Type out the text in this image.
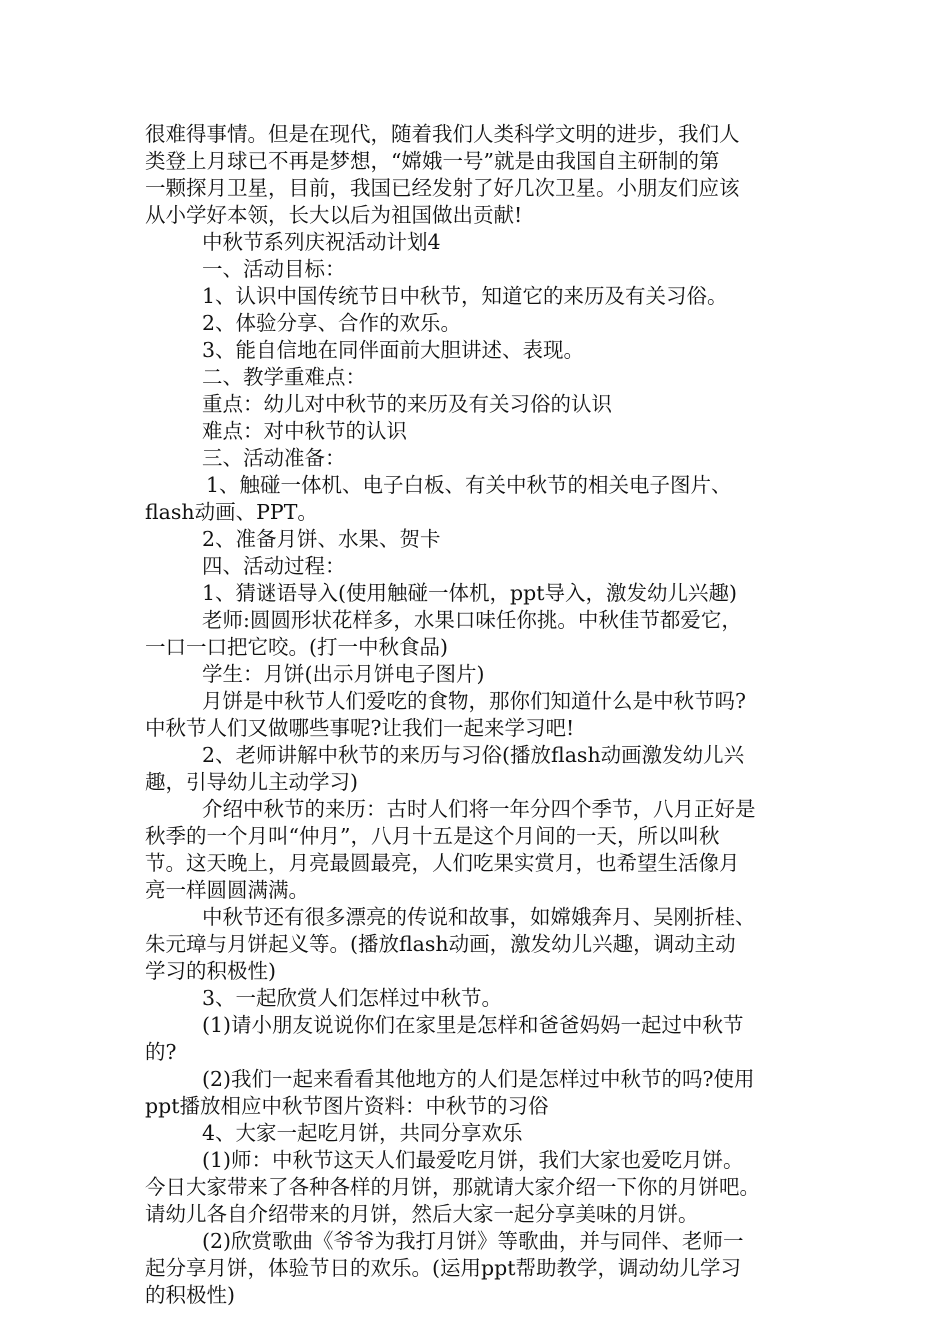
很难得事情。但是在现代，随着我们人类科学文明的进步，我们人
类登上月球已不再是梦想，“嫦娥一号”就是由我国自主研制的第
一颗探月卫星，目前，我国已经发射了好几次卫星。小朋友们应该
从小学好本领，长大以后为祖国做出贡献!
中秋节系列庆祝活动计划4
一、活动目标：
1、认识中国传统节日中秋节，知道它的来历及有关习俗。
2、体验分享、合作的欢乐。
3、能自信地在同伴面前大胆讲述、表现。
二、教学重难点：
重点：幼儿对中秋节的来历及有关习俗的认识
难点：对中秋节的认识
三、活动准备：
1、触碰一体机、电子白板、有关中秋节的相关电子图片、
flash动画、PPT。
2、准备月饼、水果、贺卡
四、活动过程：
1、猜谜语导入(使用触碰一体机，ppt导入，激发幼儿兴趣)
老师:圆圆形状花样多，水果口味任你挑。中秋佳节都爱它，
一口一口把它咬。(打一中秋食品)
学生：月饼(出示月饼电子图片)
月饼是中秋节人们爱吃的食物，那你们知道什么是中秋节吗?
中秋节人们又做哪些事呢?让我们一起来学习吧!
2、老师讲解中秋节的来历与习俗(播放flash动画激发幼儿兴
趣，引导幼儿主动学习)
介绍中秋节的来历：古时人们将一年分四个季节，八月正好是
秋季的一个月叫“仲月”，八月十五是这个月间的一天，所以叫秋
节。这天晚上，月亮最圆最亮，人们吃果实赏月，也希望生活像月
亮一样圆圆满满。
中秋节还有很多漂亮的传说和故事，如嫦娥奔月、吴刚折桂、
朱元璋与月饼起义等。(播放flash动画，激发幼儿兴趣，调动主动
学习的积极性)
3、一起欣赏人们怎样过中秋节。
(1)请小朋友说说你们在家里是怎样和爸爸妈妈一起过中秋节
的?
(2)我们一起来看看其他地方的人们是怎样过中秋节的吗?使用
ppt播放相应中秋节图片资料：中秋节的习俗
4、大家一起吃月饼，共同分享欢乐
(1)师：中秋节这天人们最爱吃月饼，我们大家也爱吃月饼。
今日大家带来了各种各样的月饼，那就请大家介绍一下你的月饼吧。
请幼儿各自介绍带来的月饼，然后大家一起分享美味的月饼。
(2)欣赏歌曲《爷爷为我打月饼》等歌曲，并与同伴、老师一
起分享月饼，体验节日的欢乐。(运用ppt帮助教学，调动幼儿学习
的积极性)
